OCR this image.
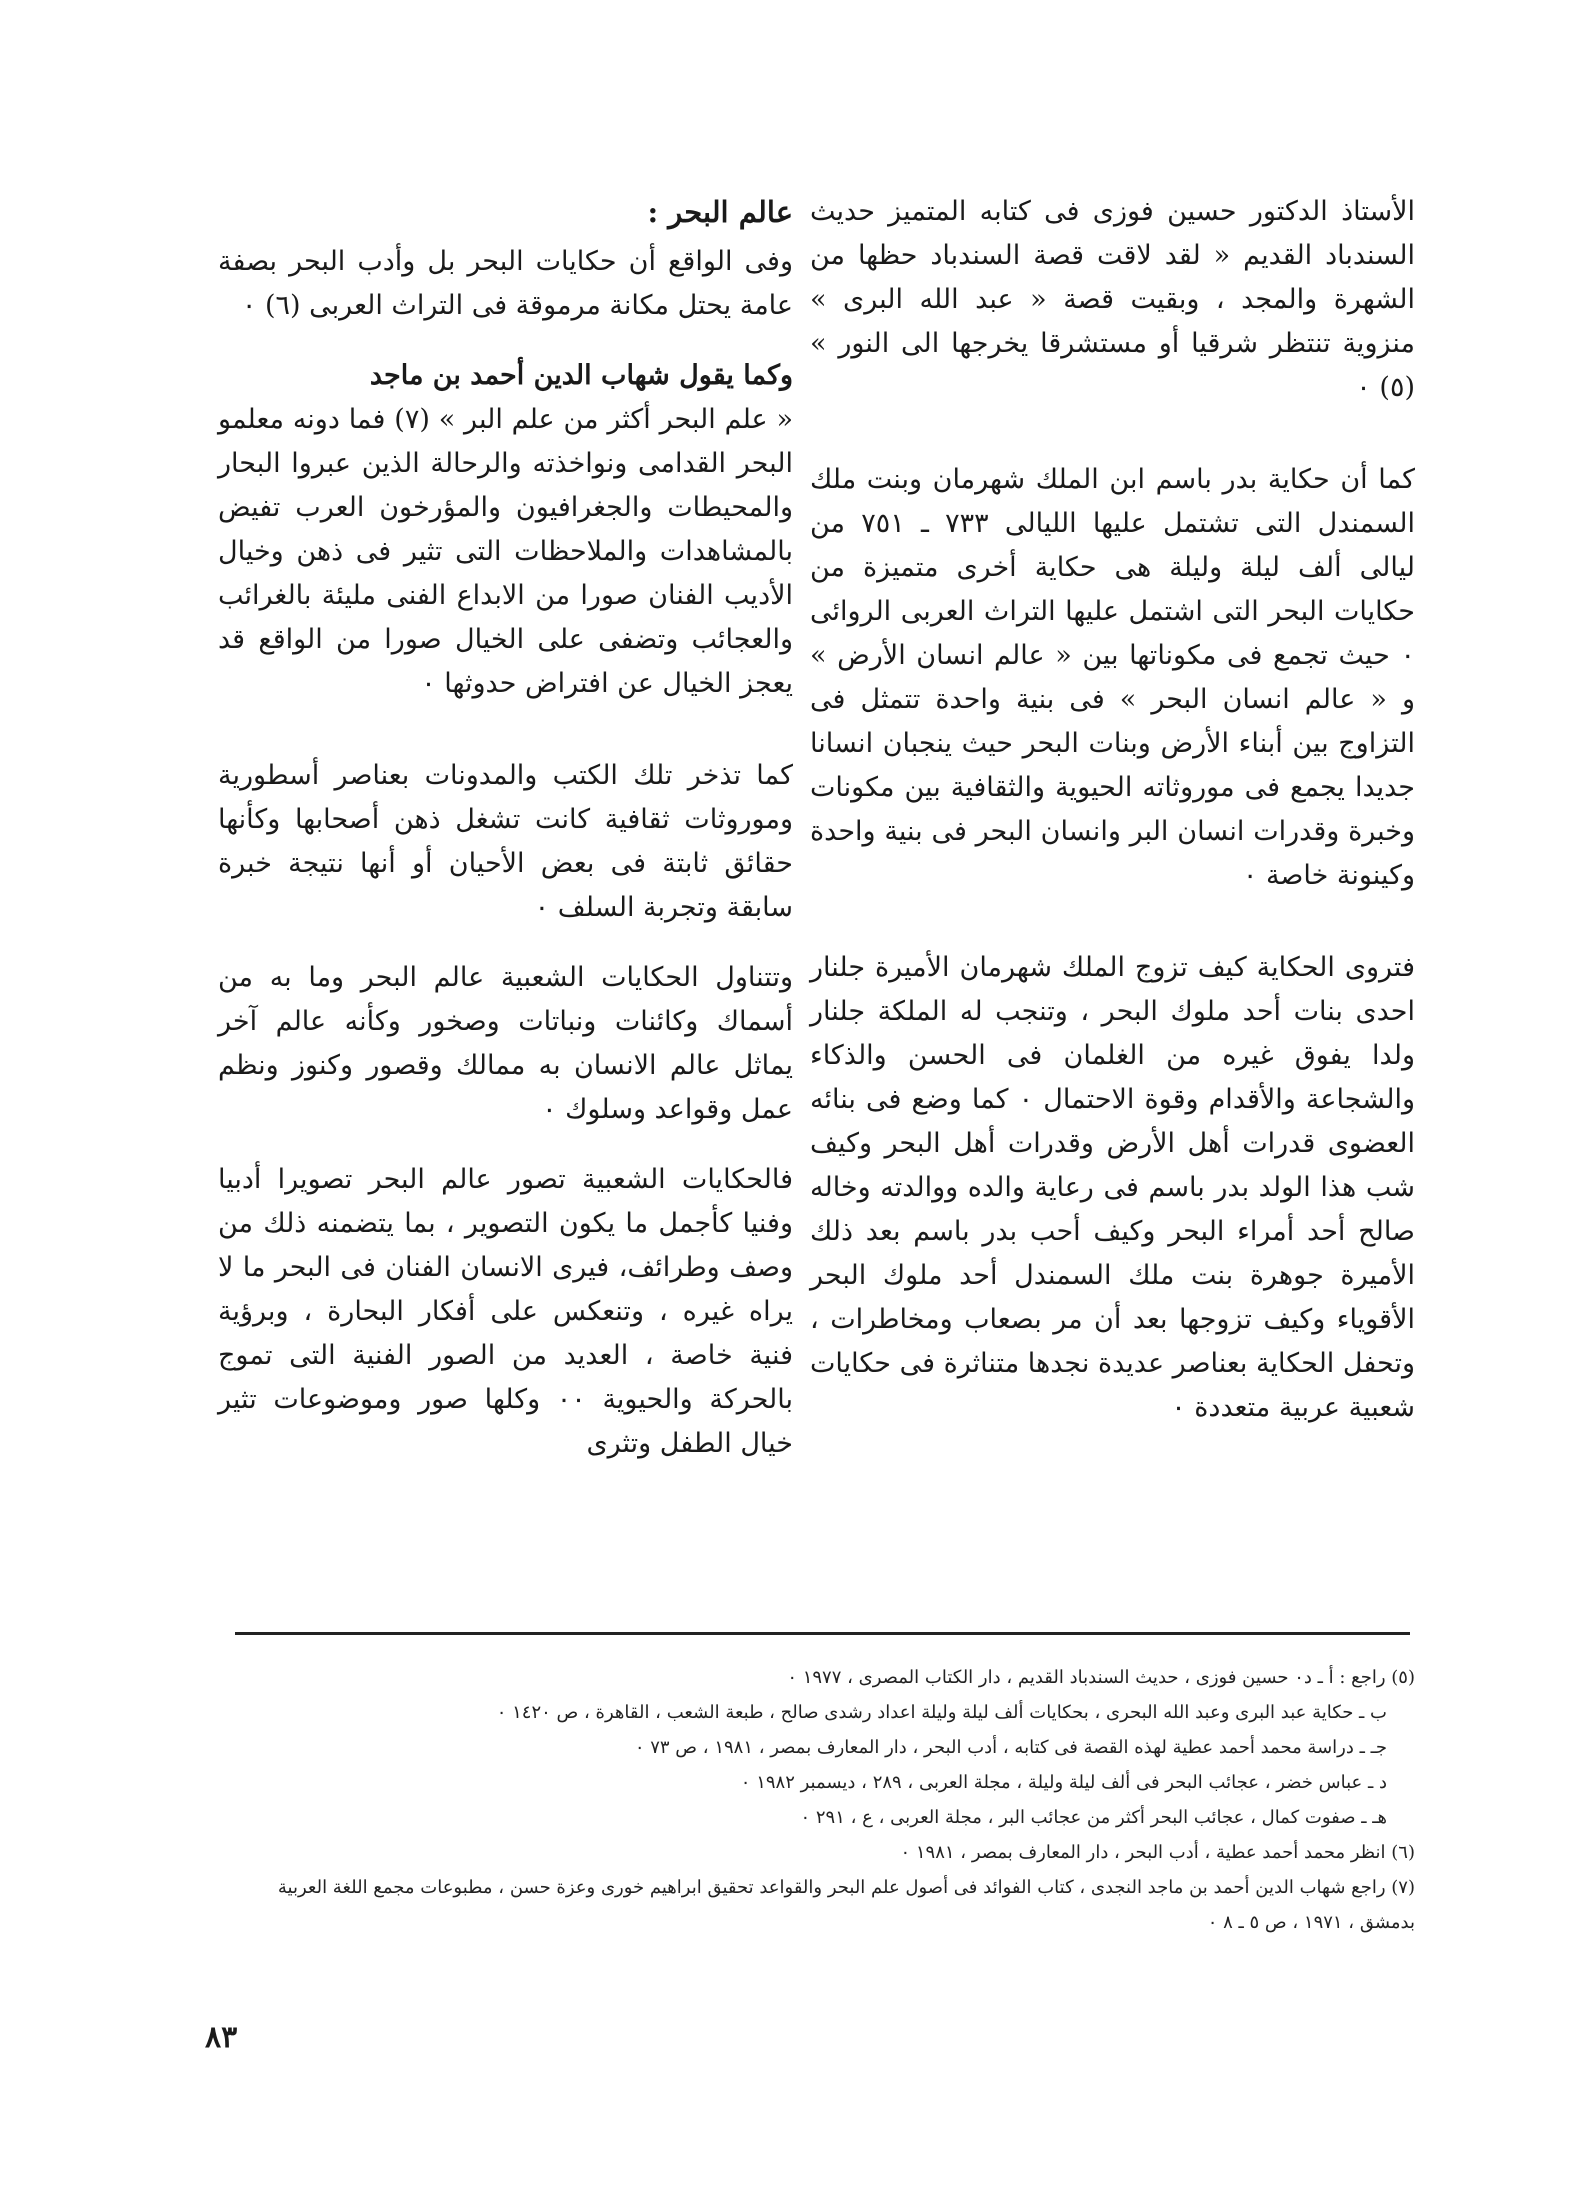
الأستاذ الدكتور حسين فوزى فى كتابه المتميز حديث السندباد القديم « لقد لاقت قصة السندباد حظها من الشهرة والمجد ، وبقيت قصة « عبد الله البرى » منزوية تنتظر شرقيا أو مستشرقا يخرجها الى النور » (٥) ٠

كما أن حكاية بدر باسم ابن الملك شهرمان وبنت ملك السمندل التى تشتمل عليها الليالى ٧٣٣ ـ ٧٥١ من ليالى ألف ليلة وليلة هى حكاية أخرى متميزة من حكايات البحر التى اشتمل عليها التراث العربى الروائى ٠ حيث تجمع فى مكوناتها بين « عالم انسان الأرض » و « عالم انسان البحر » فى بنية واحدة تتمثل فى التزاوج بين أبناء الأرض وبنات البحر حيث ينجبان انسانا جديدا يجمع فى موروثاته الحيوية والثقافية بين مكونات وخبرة وقدرات انسان البر وانسان البحر فى بنية واحدة وكينونة خاصة ٠

فتروى الحكاية كيف تزوج الملك شهرمان الأميرة جلنار احدى بنات أحد ملوك البحر ، وتنجب له الملكة جلنار ولدا يفوق غيره من الغلمان فى الحسن والذكاء والشجاعة والأقدام وقوة الاحتمال ٠ كما وضع فى بنائه العضوى قدرات أهل الأرض وقدرات أهل البحر وكيف شب هذا الولد بدر باسم فى رعاية والده ووالدته وخاله صالح أحد أمراء البحر وكيف أحب بدر باسم بعد ذلك الأميرة جوهرة بنت ملك السمندل أحد ملوك البحر الأقوياء وكيف تزوجها بعد أن مر بصعاب ومخاطرات ، وتحفل الحكاية بعناصر عديدة نجدها متناثرة فى حكايات شعبية عربية متعددة ٠

عالم البحر :

وفى الواقع أن حكايات البحر بل وأدب البحر بصفة عامة يحتل مكانة مرموقة فى التراث العربى (٦) ٠

وكما يقول شهاب الدين أحمد بن ماجد

« علم البحر أكثر من علم البر » (٧) فما دونه معلمو البحر القدامى ونواخذته والرحالة الذين عبروا البحار والمحيطات والجغرافيون والمؤرخون العرب تفيض بالمشاهدات والملاحظات التى تثير فى ذهن وخيال الأديب الفنان صورا من الابداع الفنى مليئة بالغرائب والعجائب وتضفى على الخيال صورا من الواقع قد يعجز الخيال عن افتراض حدوثها ٠

كما تذخر تلك الكتب والمدونات بعناصر أسطورية وموروثات ثقافية كانت تشغل ذهن أصحابها وكأنها حقائق ثابتة فى بعض الأحيان أو أنها نتيجة خبرة سابقة وتجربة السلف ٠

وتتناول الحكايات الشعبية عالم البحر وما به من أسماك وكائنات ونباتات وصخور وكأنه عالم آخر يماثل عالم الانسان به ممالك وقصور وكنوز ونظم عمل وقواعد وسلوك ٠

فالحكايات الشعبية تصور عالم البحر تصويرا أدبيا وفنيا كأجمل ما يكون التصوير ، بما يتضمنه ذلك من وصف وطرائف، فيرى الانسان الفنان فى البحر ما لا يراه غيره ، وتنعكس على أفكار البحارة ، وبرؤية فنية خاصة ، العديد من الصور الفنية التى تموج بالحركة والحيوية ٠٠ وكلها صور وموضوعات تثير خيال الطفل وتثرى

(٥) راجع : أ ـ د٠ حسين فوزى ، حديث السندباد القديم ، دار الكتاب المصرى ، ١٩٧٧ ٠

ب ـ حكاية عبد البرى وعبد الله البحرى ، بحكايات ألف ليلة وليلة اعداد رشدى صالح ، طبعة الشعب ، القاهرة ، ص ١٤٢٠ ٠

جـ ـ دراسة محمد أحمد عطية لهذه القصة فى كتابه ، أدب البحر ، دار المعارف بمصر ، ١٩٨١ ، ص ٧٣ ٠

د ـ عباس خضر ، عجائب البحر فى ألف ليلة وليلة ، مجلة العربى ، ٢٨٩ ، ديسمبر ١٩٨٢ ٠

هـ ـ صفوت كمال ، عجائب البحر أكثر من عجائب البر ، مجلة العربى ، ع ، ٢٩١ ٠

(٦) انظر محمد أحمد عطية ، أدب البحر ، دار المعارف بمصر ، ١٩٨١ ٠

(٧) راجع شهاب الدين أحمد بن ماجد النجدى ، كتاب الفوائد فى أصول علم البحر والقواعد تحقيق ابراهيم خورى وعزة حسن ، مطبوعات مجمع اللغة العربية بدمشق ، ١٩٧١ ، ص ٥ ـ ٨ ٠

٨٣
